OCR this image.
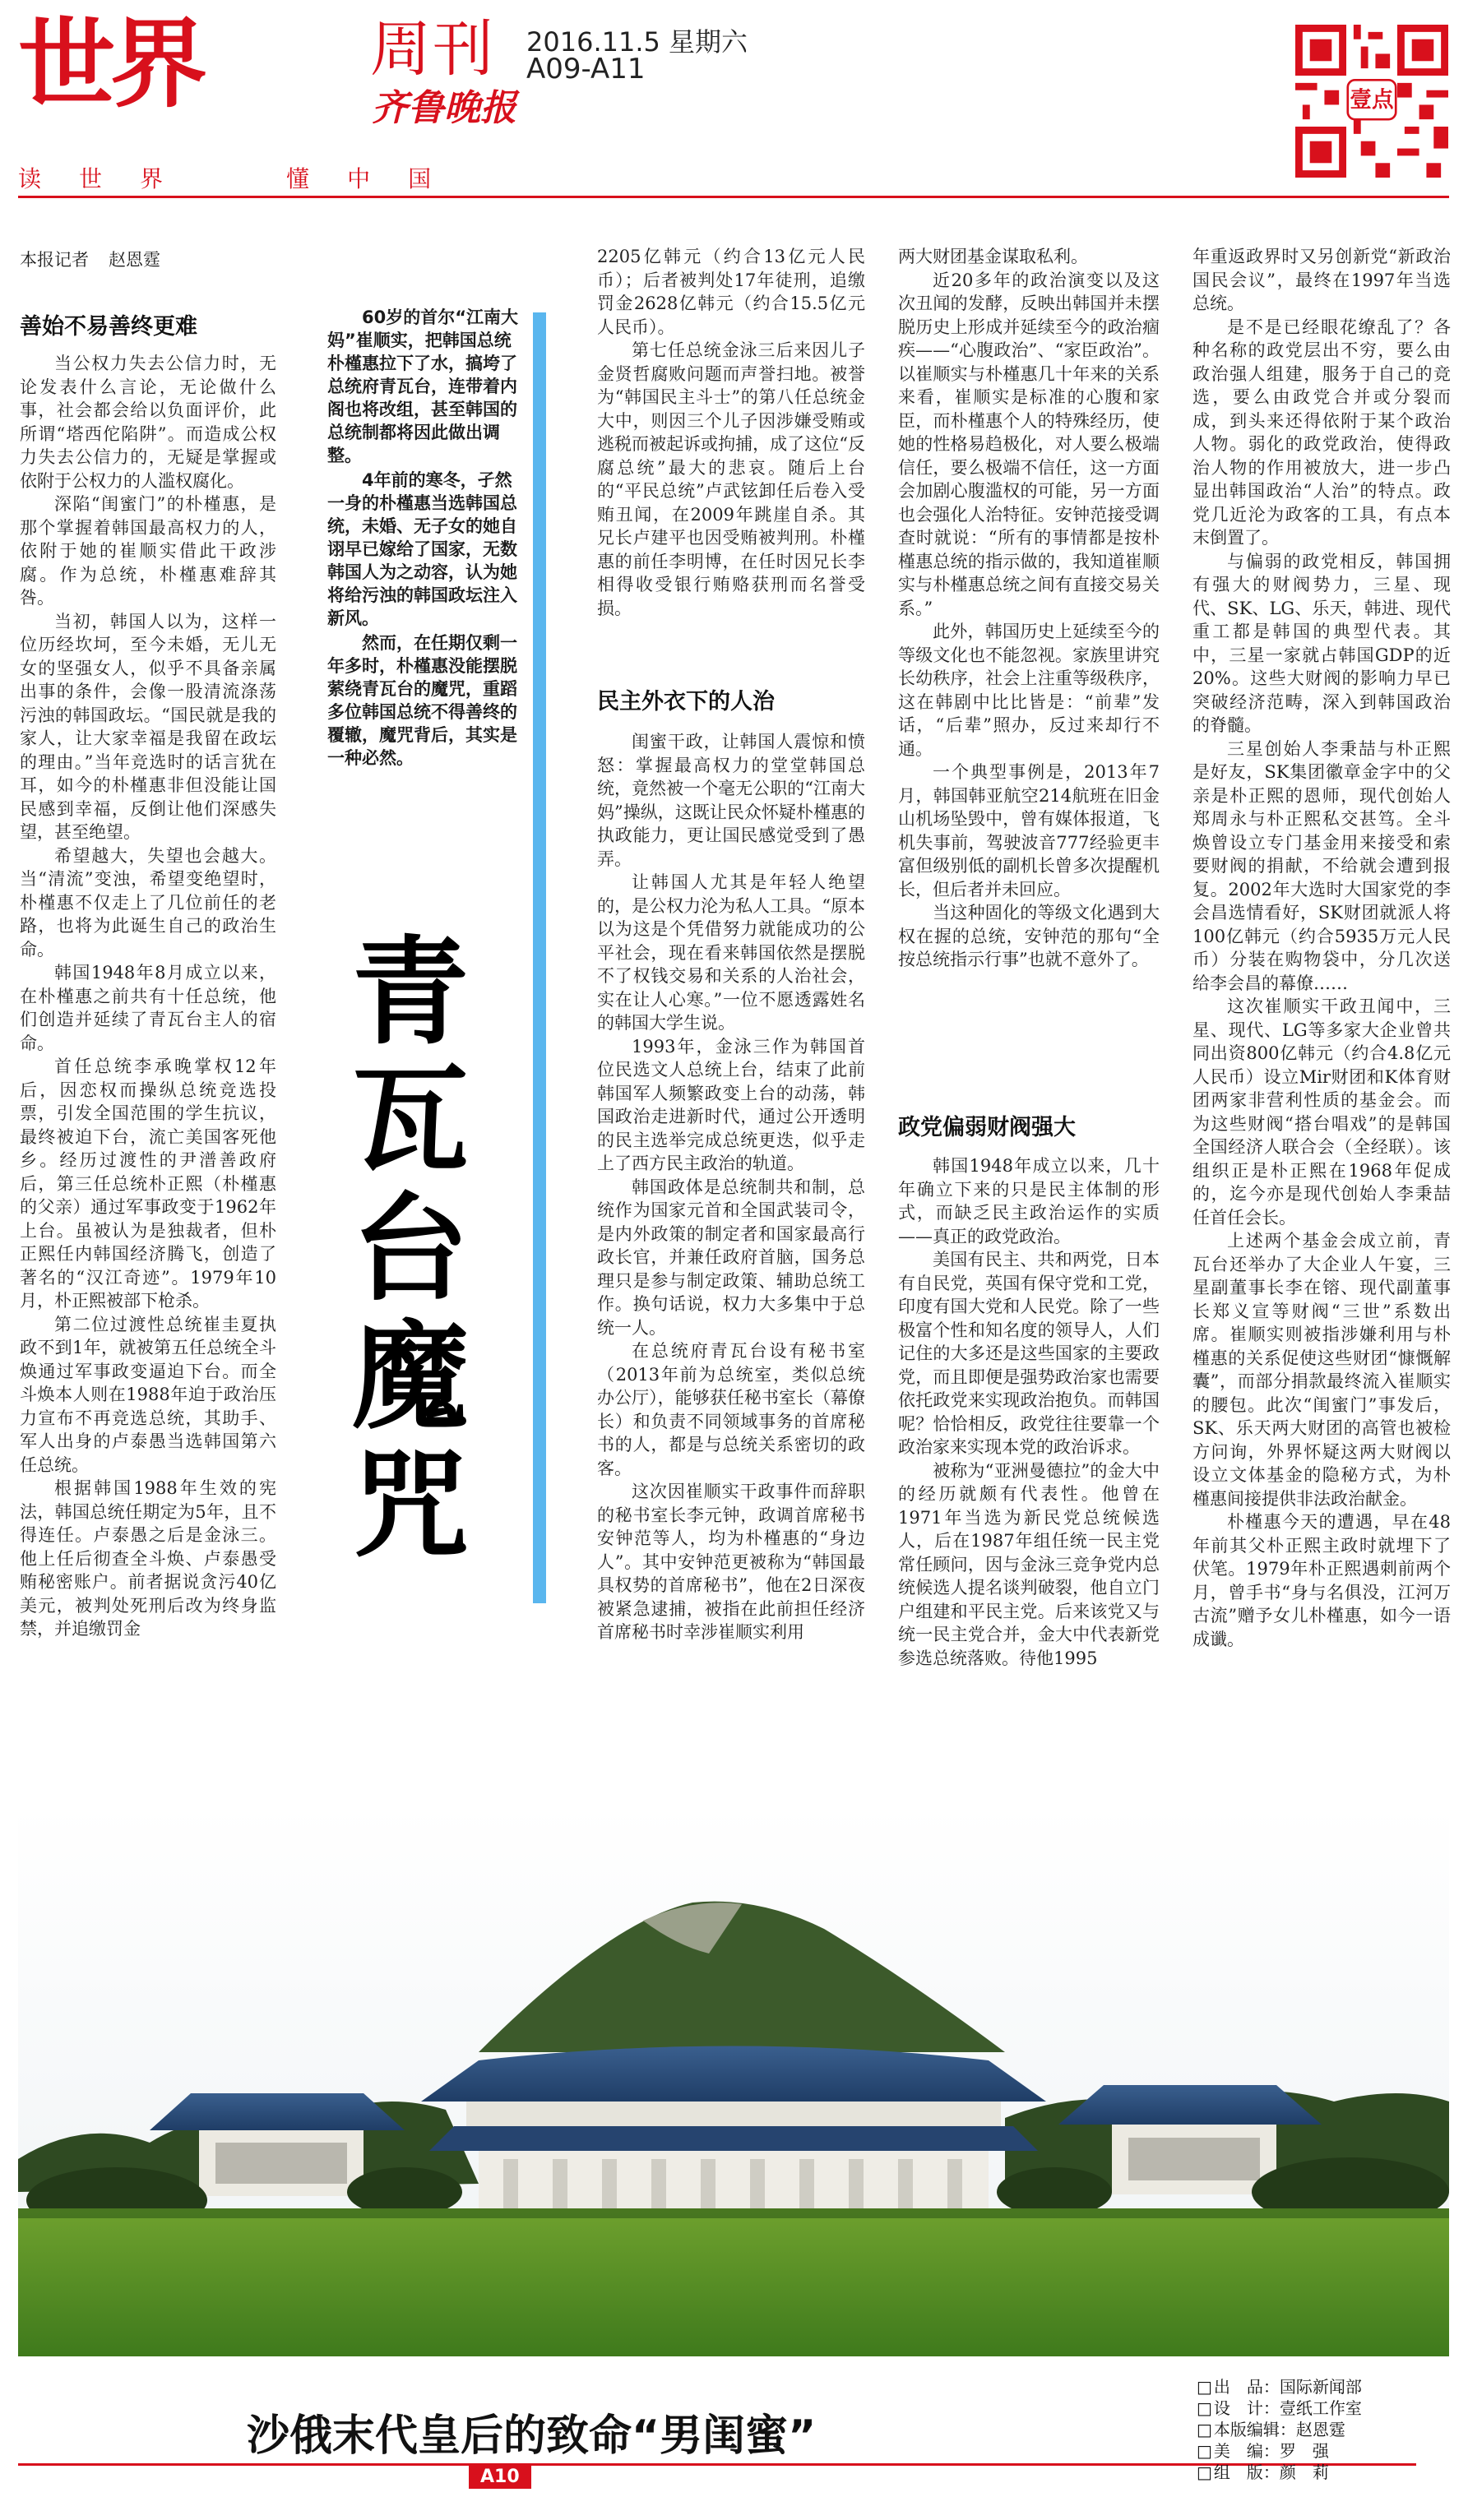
世界	周刊
齐鲁晚报
2016.11.5 星期六
A09-A11
壹点
读 世 界	懂 中 国
本报记者 赵恩霆
善始不易善终更难

当公权力失去公信力时，无论发表什么言论，无论做什么事，社会都会给以负面评价，此所谓“塔西佗陷阱”。而造成公权力失去公信力的，无疑是掌握或依附于公权力的人滥权腐化。

深陷“闺蜜门”的朴槿惠，是那个掌握着韩国最高权力的人，依附于她的崔顺实借此干政涉腐。作为总统，朴槿惠难辞其咎。

当初，韩国人以为，这样一位历经坎坷，至今未婚，无儿无女的坚强女人，似乎不具备亲属出事的条件，会像一股清流涤荡污浊的韩国政坛。“国民就是我的家人，让大家幸福是我留在政坛的理由。”当年竞选时的话言犹在耳，如今的朴槿惠非但没能让国民感到幸福，反倒让他们深感失望，甚至绝望。

希望越大，失望也会越大。当“清流”变浊，希望变绝望时，朴槿惠不仅走上了几位前任的老路，也将为此诞生自己的政治生命。

韩国1948年8月成立以来，在朴槿惠之前共有十任总统，他们创造并延续了青瓦台主人的宿命。

首任总统李承晚掌权12年后，因恋权而操纵总统竞选投票，引发全国范围的学生抗议，最终被迫下台，流亡美国客死他乡。经历过渡性的尹潽善政府后，第三任总统朴正熙（朴槿惠的父亲）通过军事政变于1962年上台。虽被认为是独裁者，但朴正熙任内韩国经济腾飞，创造了著名的“汉江奇迹”。1979年10月，朴正熙被部下枪杀。

第二位过渡性总统崔圭夏执政不到1年，就被第五任总统全斗焕通过军事政变逼迫下台。而全斗焕本人则在1988年迫于政治压力宣布不再竞选总统，其助手、军人出身的卢泰愚当选韩国第六任总统。

根据韩国1988年生效的宪法，韩国总统任期定为5年，且不得连任。卢泰愚之后是金泳三。他上任后彻查全斗焕、卢泰愚受贿秘密账户。前者据说贪污40亿美元，被判处死刑后改为终身监禁，并追缴罚金

60岁的首尔“江南大妈”崔顺实，把韩国总统朴槿惠拉下了水，搞垮了总统府青瓦台，连带着内阁也将改组，甚至韩国的总统制都将因此做出调整。

4年前的寒冬，孑然一身的朴槿惠当选韩国总统，未婚、无子女的她自诩早已嫁给了国家，无数韩国人为之动容，认为她将给污浊的韩国政坛注入新风。

然而，在任期仅剩一年多时，朴槿惠没能摆脱萦绕青瓦台的魔咒，重蹈多位韩国总统不得善终的覆辙，魔咒背后，其实是一种必然。

青瓦台魔咒

2205亿韩元（约合13亿元人民币）；后者被判处17年徒刑，追缴罚金2628亿韩元（约合15.5亿元人民币）。

第七任总统金泳三后来因儿子金贤哲腐败问题而声誉扫地。被誉为“韩国民主斗士”的第八任总统金大中，则因三个儿子因涉嫌受贿或逃税而被起诉或拘捕，成了这位“反腐总统”最大的悲哀。随后上台的“平民总统”卢武铉卸任后卷入受贿丑闻，在2009年跳崖自杀。其兄长卢建平也因受贿被判刑。朴槿惠的前任李明博，在任时因兄长李相得收受银行贿赂获刑而名誉受损。

民主外衣下的人治

闺蜜干政，让韩国人震惊和愤怒：掌握最高权力的堂堂韩国总统，竟然被一个毫无公职的“江南大妈”操纵，这既让民众怀疑朴槿惠的执政能力，更让国民感觉受到了愚弄。

让韩国人尤其是年轻人绝望的，是公权力沦为私人工具。“原本以为这是个凭借努力就能成功的公平社会，现在看来韩国依然是摆脱不了权钱交易和关系的人治社会，实在让人心寒。”一位不愿透露姓名的韩国大学生说。

1993年，金泳三作为韩国首位民选文人总统上台，结束了此前韩国军人频繁政变上台的动荡，韩国政治走进新时代，通过公开透明的民主选举完成总统更迭，似乎走上了西方民主政治的轨道。

韩国政体是总统制共和制，总统作为国家元首和全国武装司令，是内外政策的制定者和国家最高行政长官，并兼任政府首脑，国务总理只是参与制定政策、辅助总统工作。换句话说，权力大多集中于总统一人。

在总统府青瓦台设有秘书室（2013年前为总统室，类似总统办公厅），能够获任秘书室长（幕僚长）和负责不同领域事务的首席秘书的人，都是与总统关系密切的政客。

这次因崔顺实干政事件而辞职的秘书室长李元钟，政调首席秘书安钟范等人，均为朴槿惠的“身边人”。其中安钟范更被称为“韩国最具权势的首席秘书”，他在2日深夜被紧急逮捕，被指在此前担任经济首席秘书时幸涉崔顺实利用

两大财团基金谋取私利。

近20多年的政治演变以及这次丑闻的发酵，反映出韩国并未摆脱历史上形成并延续至今的政治痼疾——“心腹政治”、“家臣政治”。以崔顺实与朴槿惠几十年来的关系来看，崔顺实是标准的心腹和家臣，而朴槿惠个人的特殊经历，使她的性格易趋极化，对人要么极端信任，要么极端不信任，这一方面会加剧心腹滥权的可能，另一方面也会强化人治特征。安钟范接受调查时就说：“所有的事情都是按朴槿惠总统的指示做的，我知道崔顺实与朴槿惠总统之间有直接交易关系。”

此外，韩国历史上延续至今的等级文化也不能忽视。家族里讲究长幼秩序，社会上注重等级秩序，这在韩剧中比比皆是：“前辈”发话，“后辈”照办，反过来却行不通。

一个典型事例是，2013年7月，韩国韩亚航空214航班在旧金山机场坠毁中，曾有媒体报道，飞机失事前，驾驶波音777经验更丰富但级别低的副机长曾多次提醒机长，但后者并未回应。

当这种固化的等级文化遇到大权在握的总统，安钟范的那句“全按总统指示行事”也就不意外了。

政党偏弱财阀强大

韩国1948年成立以来，几十年确立下来的只是民主体制的形式，而缺乏民主政治运作的实质——真正的政党政治。

美国有民主、共和两党，日本有自民党，英国有保守党和工党，印度有国大党和人民党。除了一些极富个性和知名度的领导人，人们记住的大多还是这些国家的主要政党，而且即便是强势政治家也需要依托政党来实现政治抱负。而韩国呢？恰恰相反，政党往往要靠一个政治家来实现本党的政治诉求。

被称为“亚洲曼德拉”的金大中的经历就颇有代表性。他曾在1971年当选为新民党总统候选人，后在1987年组任统一民主党常任顾问，因与金泳三竞争党内总统候选人提名谈判破裂，他自立门户组建和平民主党。后来该党又与统一民主党合并，金大中代表新党参选总统落败。待他1995

年重返政界时又另创新党“新政治国民会议”，最终在1997年当选总统。

是不是已经眼花缭乱了？各种名称的政党层出不穷，要么由政治强人组建，服务于自己的竞选，要么由政党合并或分裂而成，到头来还得依附于某个政治人物。弱化的政党政治，使得政治人物的作用被放大，进一步凸显出韩国政治“人治”的特点。政党几近沦为政客的工具，有点本末倒置了。

与偏弱的政党相反，韩国拥有强大的财阀势力，三星、现代、SK、LG、乐天，韩进、现代重工都是韩国的典型代表。其中，三星一家就占韩国GDP的近20%。这些大财阀的影响力早已突破经济范畴，深入到韩国政治的脊髓。

三星创始人李秉喆与朴正熙是好友，SK集团徽章金字中的父亲是朴正熙的恩师，现代创始人郑周永与朴正熙私交甚笃。全斗焕曾设立专门基金用来接受和索要财阀的捐献，不给就会遭到报复。2002年大选时大国家党的李会昌选情看好，SK财团就派人将100亿韩元（约合5935万元人民币）分装在购物袋中，分几次送给李会昌的幕僚……

这次崔顺实干政丑闻中，三星、现代、LG等多家大企业曾共同出资800亿韩元（约合4.8亿元人民币）设立Mir财团和K体育财团两家非营利性质的基金会。而为这些财阀“搭台唱戏”的是韩国全国经济人联合会（全经联）。该组织正是朴正熙在1968年促成的，迄今亦是现代创始人李秉喆任首任会长。

上述两个基金会成立前，青瓦台还举办了大企业人午宴，三星副董事长李在镕、现代副董事长郑义宣等财阀“三世”系数出席。崔顺实则被指涉嫌利用与朴槿惠的关系促使这些财团“慷慨解囊”，而部分捐款最终流入崔顺实的腰包。此次“闺蜜门”事发后，SK、乐天两大财团的高管也被检方问询，外界怀疑这两大财阀以设立文体基金的隐秘方式，为朴槿惠间接提供非法政治献金。

朴槿惠今天的遭遇，早在48年前其父朴正熙主政时就埋下了伏笔。1979年朴正熙遇刺前两个月，曾手书“身与名俱没，江河万古流”赠予女儿朴槿惠，如今一语成谶。

沙俄末代皇后的致命“男闺蜜”
A10
□ 出　品：国际新闻部
□ 设　计：壹纸工作室
□ 本版编辑：赵恩霆
□ 美　编：罗　强
□ 组　版：颜　莉
